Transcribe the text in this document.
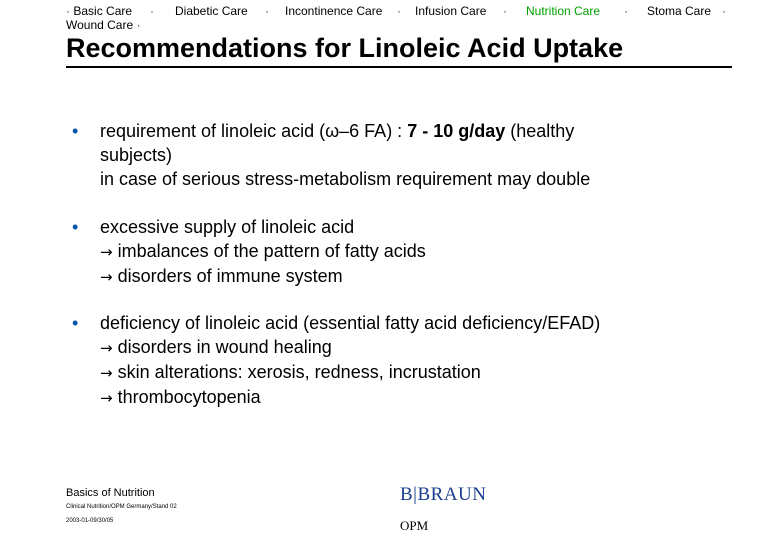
· Basic Care · Diabetic Care · Incontinence Care · Infusion Care · Nutrition Care · Stoma Care ·
Wound Care ·
Recommendations for Linoleic Acid Uptake
• requirement of linoleic acid (ω–6 FA) : 7 - 10 g/day (healthy
subjects)
in case of serious stress-metabolism requirement may double
• excessive supply of linoleic acid
→ imbalances of the pattern of fatty acids
→ disorders of immune system
• deficiency of linoleic acid (essential fatty acid deficiency/EFAD)
→ disorders in wound healing
→ skin alterations: xerosis, redness, incrustation
→ thrombocytopenia
Basics of Nutrition
Clinical Nutrition/OPM Germany/Stand 02
2003-01-09/30/05
B|BRAUN
OPM
